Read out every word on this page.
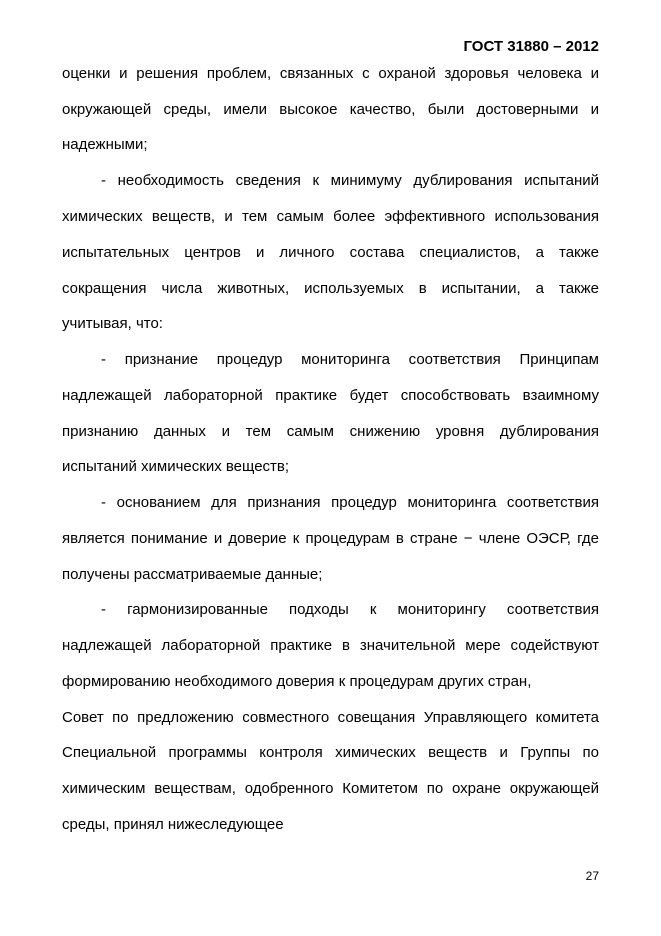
ГОСТ 31880 – 2012
оценки и решения проблем, связанных с охраной здоровья человека и
окружающей среды, имели высокое качество, были достоверными и
надежными;
- необходимость сведения к минимуму дублирования испытаний
химических веществ, и тем самым более эффективного использования
испытательных центров и личного состава специалистов, а также
сокращения числа животных, используемых в испытании, а также
учитывая, что:
- признание процедур мониторинга соответствия Принципам
надлежащей лабораторной практике будет способствовать взаимному
признанию данных и тем самым снижению уровня дублирования
испытаний химических веществ;
- основанием для признания процедур мониторинга соответствия
является понимание и доверие к процедурам в стране − члене ОЭСР, где
получены рассматриваемые данные;
- гармонизированные подходы к мониторингу соответствия
надлежащей лабораторной практике в значительной мере содействуют
формированию необходимого доверия к процедурам других стран,
Совет по предложению совместного совещания Управляющего комитета
Специальной программы контроля химических веществ и Группы по
химическим веществам, одобренного Комитетом по охране окружающей
среды, принял нижеследующее
27
